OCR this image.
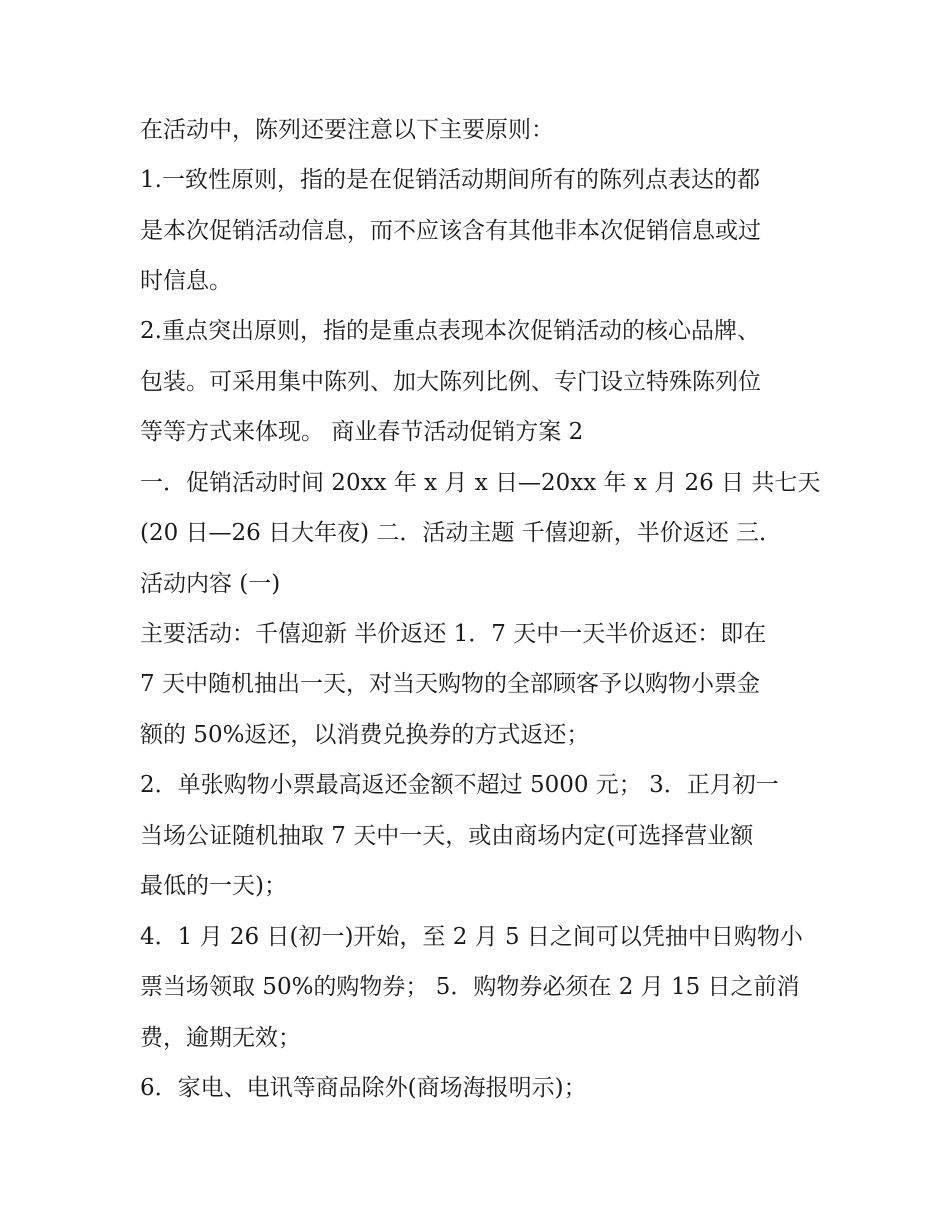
在活动中，陈列还要注意以下主要原则：

1.一致性原则，指的是在促销活动期间所有的陈列点表达的都

是本次促销活动信息，而不应该含有其他非本次促销信息或过

时信息。

2.重点突出原则，指的是重点表现本次促销活动的核心品牌、

包装。可采用集中陈列、加大陈列比例、专门设立特殊陈列位

等等方式来体现。 商业春节活动促销方案 2

一．促销活动时间 20xx 年 x 月 x 日—20xx 年 x 月 26 日 共七天

(20 日—26 日大年夜) 二．活动主题 千僖迎新，半价返还 三．

活动内容 (一)

主要活动：千僖迎新 半价返还 1．7 天中一天半价返还：即在

7 天中随机抽出一天，对当天购物的全部顾客予以购物小票金

额的 50%返还，以消费兑换券的方式返还；

2．单张购物小票最高返还金额不超过 5000 元； 3．正月初一

当场公证随机抽取 7 天中一天，或由商场内定(可选择营业额

最低的一天)；

4．1 月 26 日(初一)开始，至 2 月 5 日之间可以凭抽中日购物小

票当场领取 50%的购物券； 5．购物券必须在 2 月 15 日之前消

费，逾期无效；

6．家电、电讯等商品除外(商场海报明示)；
